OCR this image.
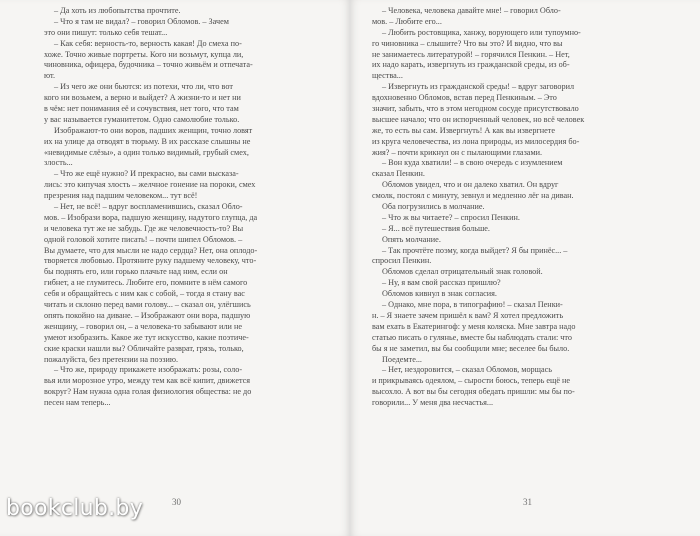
– Да хоть из любопытства прочтите.
– Что я там не видал? – говорил Обломов. – Зачем
это они пишут: только себя тешат...
– Как себя: верность-то, верность какая! До смеха по-
хоже. Точно живые портреты. Кого ни возьмут, купца ли,
чиновника, офицера, будочника – точно живьём и отпечата-
ют.
– Из чего же они бьются: из потехи, что ли, что вот
кого ни возьмем, а верно и выйдет? А жизни-то и нет ни
в чём: нет понимания её и сочувствия, нет того, что там
у вас называется гуманитетом. Одно самолюбие только.
Изображают-то они воров, падших женщин, точно ловят
их на улице да отводят в тюрьму. В их рассказе слышны не
«невидимые слёзы», а один только видимый, грубый смех,
злость...
– Что же ещё нужно? И прекрасно, вы сами высказа-
лись: это кипучая злость – желчное гонение на пороки, смех
презрения над падшим человеком... тут всё!
– Нет, не всё! – вдруг воспламенившись, сказал Обло-
мов. – Изобрази вора, падшую женщину, надутого глупца, да
и человека тут же не забудь. Где же человечность-то? Вы
одной головой хотите писать! – почти шипел Обломов. –
Вы думаете, что для мысли не надо сердца? Нет, она оплодо-
творяется любовью. Протяните руку падшему человеку, что-
бы поднять его, или горько плачьте над ним, если он
гибнет, а не глумитесь. Любите его, помните в нём самого
себя и обращайтесь с ним как с собой, – тогда я стану вас
читать и склоню перед вами голову... – сказал он, улёгшись
опять покойно на диване. – Изображают они вора, падшую
женщину, – говорил он, – а человека-то забывают или не
умеют изобразить. Какое же тут искусство, какие поэтиче-
ские краски нашли вы? Обличайте разврат, грязь, только,
пожалуйста, без претензии на поэзию.
– Что же, природу прикажете изображать: розы, соло-
вья или морозное утро, между тем как всё кипит, движется
вокруг? Нам нужна одна голая физиология общества: не до
песен нам теперь...
30
– Человека, человека давайте мне! – говорил Обло-
мов. – Любите его...
– Любить ростовщика, ханжу, ворующего или тупоумно-
го чиновника – слышите? Что вы это? И видно, что вы
не занимаетесь литературой! – горячился Пенкин. – Нет,
их надо карать, извергнуть из гражданской среды, из об-
щества...
– Извергнуть из гражданской среды! – вдруг заговорил
вдохновенно Обломов, встав перед Пенкиным. – Это
значит, забыть, что в этом негодном сосуде присутствовало
высшее начало; что он испорченный человек, но всё человек
же, то есть вы сам. Извергнуть! А как вы извергнете
из круга человечества, из лона природы, из милосердия бо-
жия? – почти крикнул он с пылающими глазами.
– Вон куда хватили! – в свою очередь с изумлением
сказал Пенкин.
Обломов увидел, что и он далеко хватил. Он вдруг
смолк, постоял с минуту, зевнул и медленно лёг на диван.
Оба погрузились в молчание.
– Что ж вы читаете? – спросил Пенкин.
– Я... всё путешествия больше.
Опять молчание.
– Так прочтёте поэму, когда выйдет? Я бы принёс... –
спросил Пенкин.
Обломов сделал отрицательный знак головой.
– Ну, я вам свой рассказ пришлю?
Обломов кивнул в знак согласия.
– Однако, мне пора, в типографию! – сказал Пенки-
н. – Я знаете зачем пришёл к вам? Я хотел предложить
вам ехать в Екатерингоф: у меня коляска. Мне завтра надо
статью писать о гулянье, вместе бы наблюдать стали: что
бы я не заметил, вы бы сообщили мне; веселее бы было.
Поедемте...
– Нет, нездоровится, – сказал Обломов, морщась
и прикрываясь одеялом, – сырости боюсь, теперь ещё не
высохло. А вот вы бы сегодня обедать пришли: мы бы по-
говорили... У меня два несчастья...
31
bookclub.by
